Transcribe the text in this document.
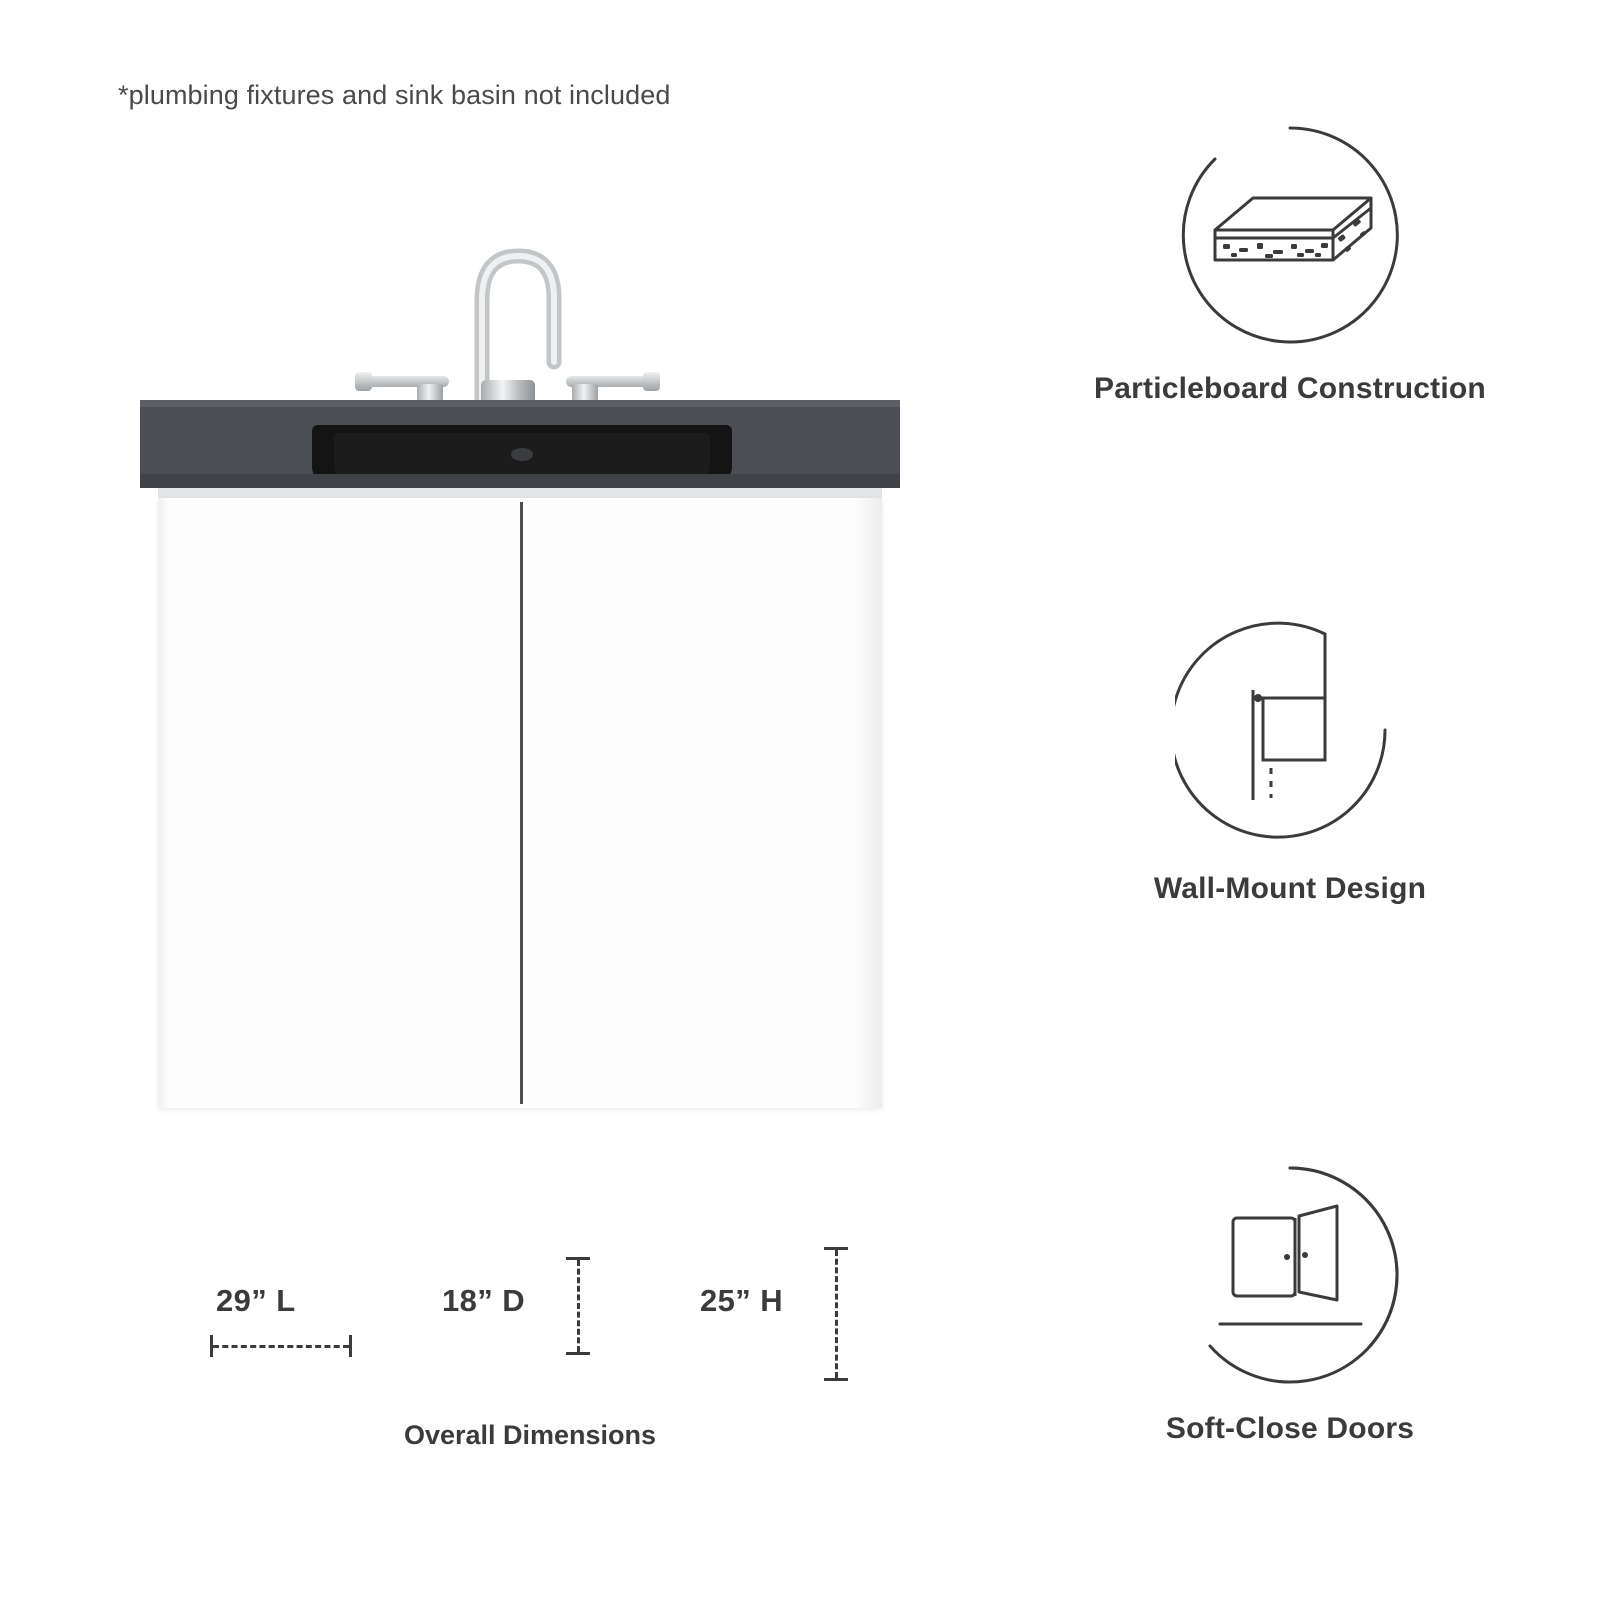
*plumbing fixtures and sink basin not included
29” L	18” D	25” H
Overall Dimensions
Particleboard Construction
Wall-Mount Design
Soft-Close Doors
